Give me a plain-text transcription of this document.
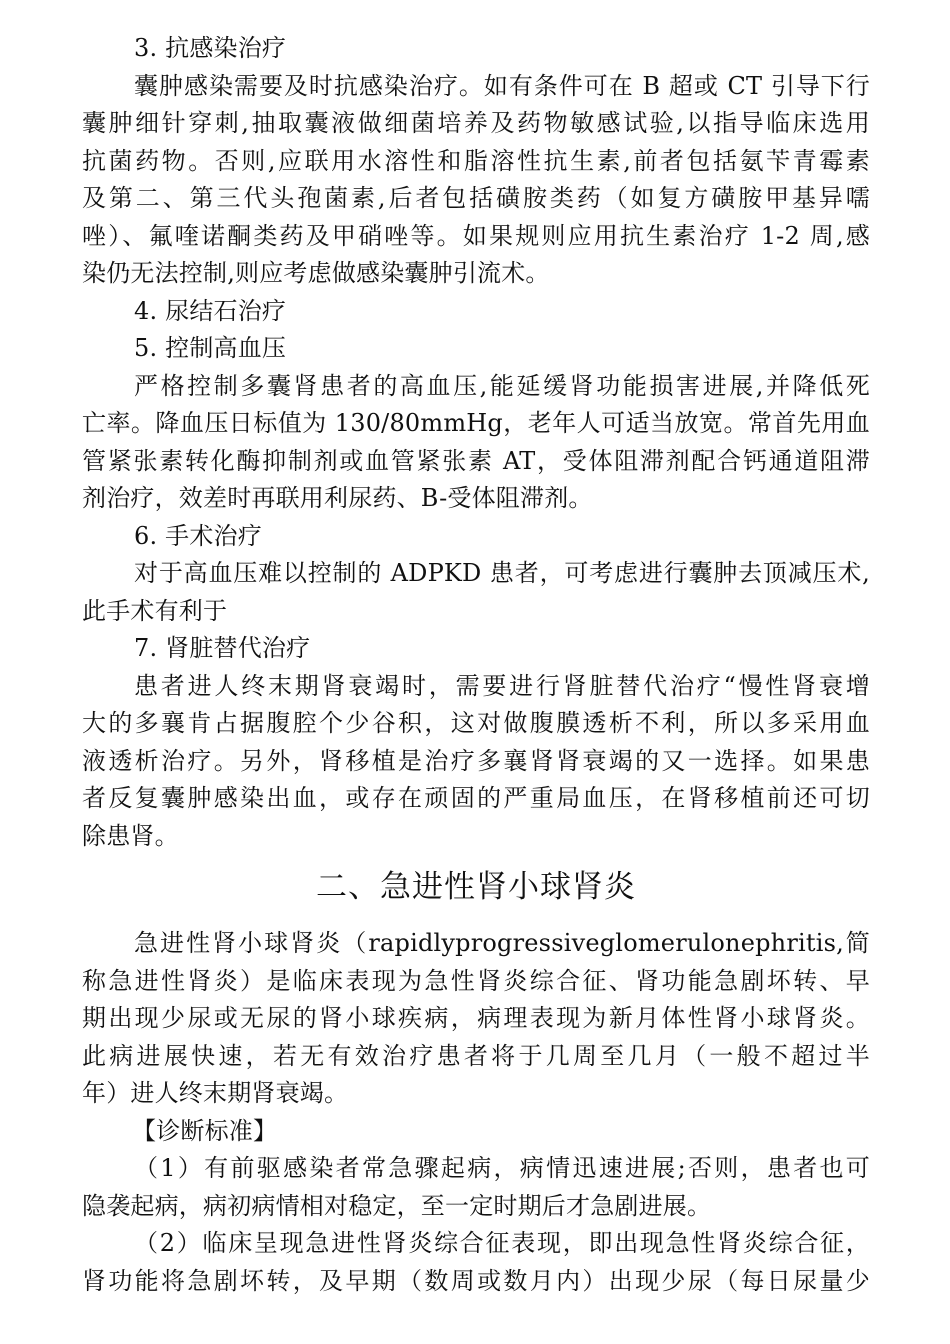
3. 抗感染治疗
囊肿感染需要及时抗感染治疗。如有条件可在 B 超或 CT 引导下行
囊肿细针穿刺,抽取囊液做细菌培养及药物敏感试验,以指导临床选用
抗菌药物。否则,应联用水溶性和脂溶性抗生素,前者包括氨苄青霉素
及第二、第三代头孢菌素,后者包括磺胺类药（如复方磺胺甲基异嚅
唑）、氟喹诺酮类药及甲硝唑等。如果规则应用抗生素治疗 1-2 周,感
染仍无法控制,则应考虑做感染囊肿引流术。
4. 尿结石治疗
5. 控制高血压
严格控制多囊肾患者的高血压,能延缓肾功能损害进展,并降低死
亡率。降血压日标值为 130/80mmHg，老年人可适当放宽。常首先用血
管紧张素转化酶抑制剂或血管紧张素 AT，受体阻滞剂配合钙通道阻滞
剂治疗，效差时再联用利尿药、B-受体阻滞剂。
6. 手术治疗
对于高血压难以控制的 ADPKD 患者，可考虑进行囊肿去顶减压术,
此手术有利于
7. 肾脏替代治疗
患者进人终末期肾衰竭时，需要进行肾脏替代治疗“慢性肾衰增
大的多襄肯占据腹腔个少谷积，这对做腹膜透析不利，所以多采用血
液透析治疗。另外，肾移植是治疗多襄肾肾衰竭的又一选择。如果患
者反复囊肿感染出血，或存在顽固的严重局血压，在肾移植前还可切
除患肾。
二、急进性肾小球肾炎
急进性肾小球肾炎（rapidlyprogressiveglomerulonephritis,简
称急进性肾炎）是临床表现为急性肾炎综合征、肾功能急剧坏转、早
期出现少尿或无尿的肾小球疾病，病理表现为新月体性肾小球肾炎。
此病进展快速，若无有效治疗患者将于几周至几月（一般不超过半
年）进人终末期肾衰竭。
【诊断标准】
（1）有前驱感染者常急骤起病，病情迅速进展;否则，患者也可
隐袭起病，病初病情相对稳定，至一定时期后才急剧进展。
（2）临床呈现急进性肾炎综合征表现，即出现急性肾炎综合征，
肾功能将急剧坏转，及早期（数周或数月内）出现少尿（每日尿量少
